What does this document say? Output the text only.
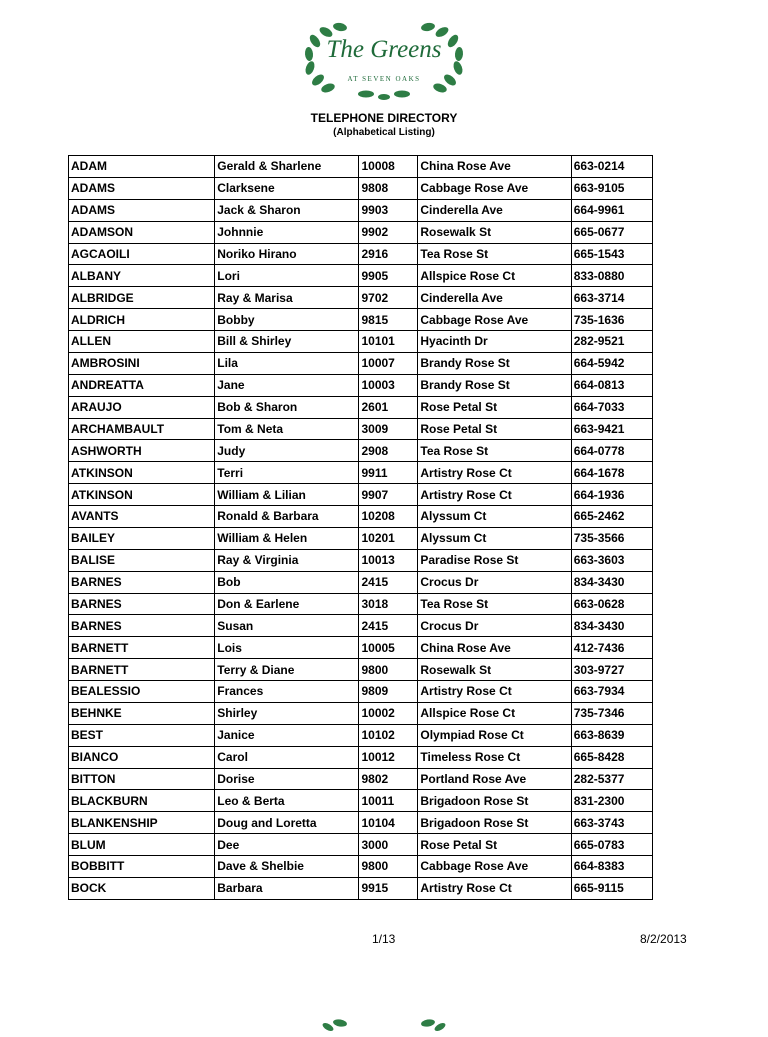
The Greens
AT SEVEN OAKS
TELEPHONE DIRECTORY
(Alphabetical Listing)
ADAM	Gerald & Sharlene	10008	China Rose Ave	663-0214
ADAMS	Clarksene	9808	Cabbage Rose Ave	663-9105
ADAMS	Jack & Sharon	9903	Cinderella Ave	664-9961
ADAMSON	Johnnie	9902	Rosewalk St	665-0677
AGCAOILI	Noriko Hirano	2916	Tea Rose St	665-1543
ALBANY	Lori	9905	Allspice Rose Ct	833-0880
ALBRIDGE	Ray & Marisa	9702	Cinderella Ave	663-3714
ALDRICH	Bobby	9815	Cabbage Rose Ave	735-1636
ALLEN	Bill & Shirley	10101	Hyacinth Dr	282-9521
AMBROSINI	Lila	10007	Brandy Rose St	664-5942
ANDREATTA	Jane	10003	Brandy Rose St	664-0813
ARAUJO	Bob & Sharon	2601	Rose Petal St	664-7033
ARCHAMBAULT	Tom & Neta	3009	Rose Petal St	663-9421
ASHWORTH	Judy	2908	Tea Rose St	664-0778
ATKINSON	Terri	9911	Artistry Rose Ct	664-1678
ATKINSON	William & Lilian	9907	Artistry Rose Ct	664-1936
AVANTS	Ronald & Barbara	10208	Alyssum Ct	665-2462
BAILEY	William & Helen	10201	Alyssum Ct	735-3566
BALISE	Ray & Virginia	10013	Paradise Rose St	663-3603
BARNES	Bob	2415	Crocus Dr	834-3430
BARNES	Don & Earlene	3018	Tea Rose St	663-0628
BARNES	Susan	2415	Crocus Dr	834-3430
BARNETT	Lois	10005	China Rose Ave	412-7436
BARNETT	Terry & Diane	9800	Rosewalk St	303-9727
BEALESSIO	Frances	9809	Artistry Rose Ct	663-7934
BEHNKE	Shirley	10002	Allspice Rose Ct	735-7346
BEST	Janice	10102	Olympiad Rose Ct	663-8639
BIANCO	Carol	10012	Timeless Rose Ct	665-8428
BITTON	Dorise	9802	Portland Rose Ave	282-5377
BLACKBURN	Leo & Berta	10011	Brigadoon Rose St	831-2300
BLANKENSHIP	Doug and Loretta	10104	Brigadoon Rose St	663-3743
BLUM	Dee	3000	Rose Petal St	665-0783
BOBBITT	Dave & Shelbie	9800	Cabbage Rose Ave	664-8383
BOCK	Barbara	9915	Artistry Rose Ct	665-9115
1/13	8/2/2013
